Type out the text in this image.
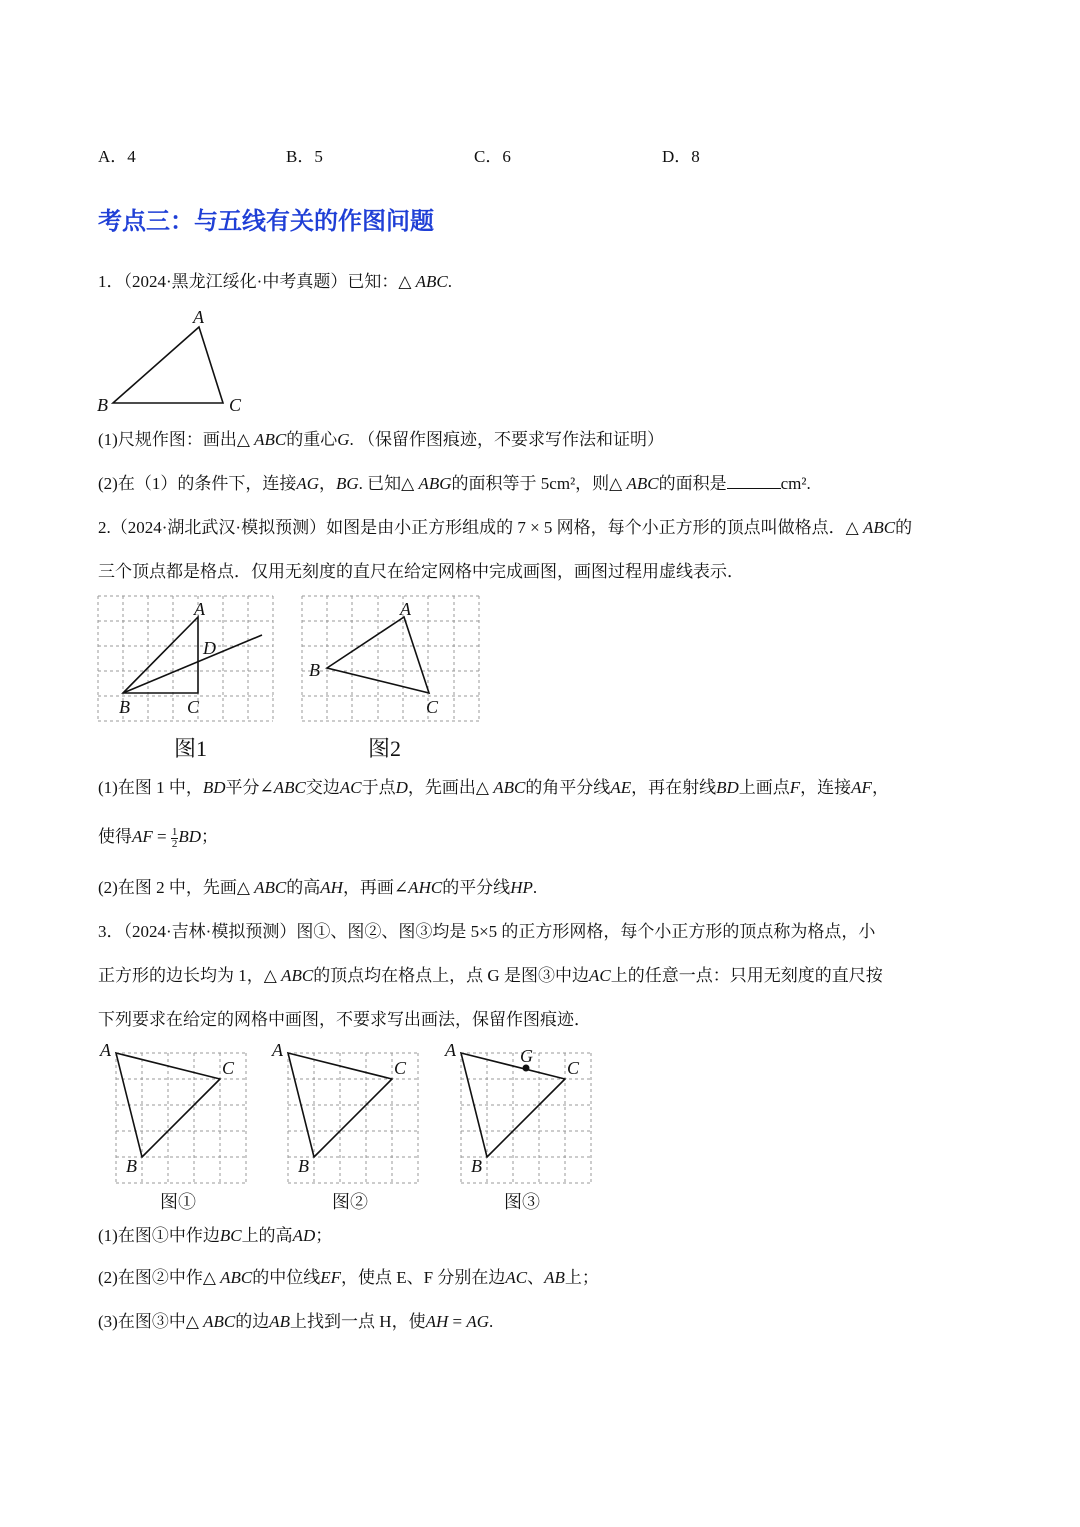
A．4	B．5	C．6	D．8
考点三：与五线有关的作图问题
1．（2024·黑龙江绥化·中考真题）已知：△ ABC.
A
B	C
(1)尺规作图：画出△ ABC的重心G. （保留作图痕迹，不要求写作法和证明）
(2)在（1）的条件下，连接AG，BG. 已知△ ABG的面积等于 5cm²，则△ ABC的面积是	cm².
2.（2024·湖北武汉·模拟预测）如图是由小正方形组成的 7 × 5 网格，每个小正方形的顶点叫做格点．△ ABC的
三个顶点都是格点．仅用无刻度的直尺在给定网格中完成画图，画图过程用虚线表示．
A
B	C
D
图1
A
B
C
图2
(1)在图 1 中，BD平分∠ABC交边AC于点D，先画出△ ABC的角平分线AE，再在射线BD上画点F，连接AF，
使得AF = $\frac{1}{2}$ BD；
(2)在图 2 中，先画△ ABC的高AH，再画∠AHC的平分线HP.
3．（2024·吉林·模拟预测）图①、图②、图③均是 5×5 的正方形网格，每个小正方形的顶点称为格点，小
正方形的边长均为 1，△ ABC的顶点均在格点上，点 G 是图③中边AC上的任意一点：只用无刻度的直尺按
下列要求在给定的网格中画图，不要求写出画法，保留作图痕迹．
A
C
B
图①
A
C
B
图②
A	G
C
B
图③
(1)在图①中作边BC上的高AD；
(2)在图②中作△ ABC的中位线EF，使点 E、F 分别在边AC、AB上；
(3)在图③中△ ABC的边AB上找到一点 H，使AH = AG.
